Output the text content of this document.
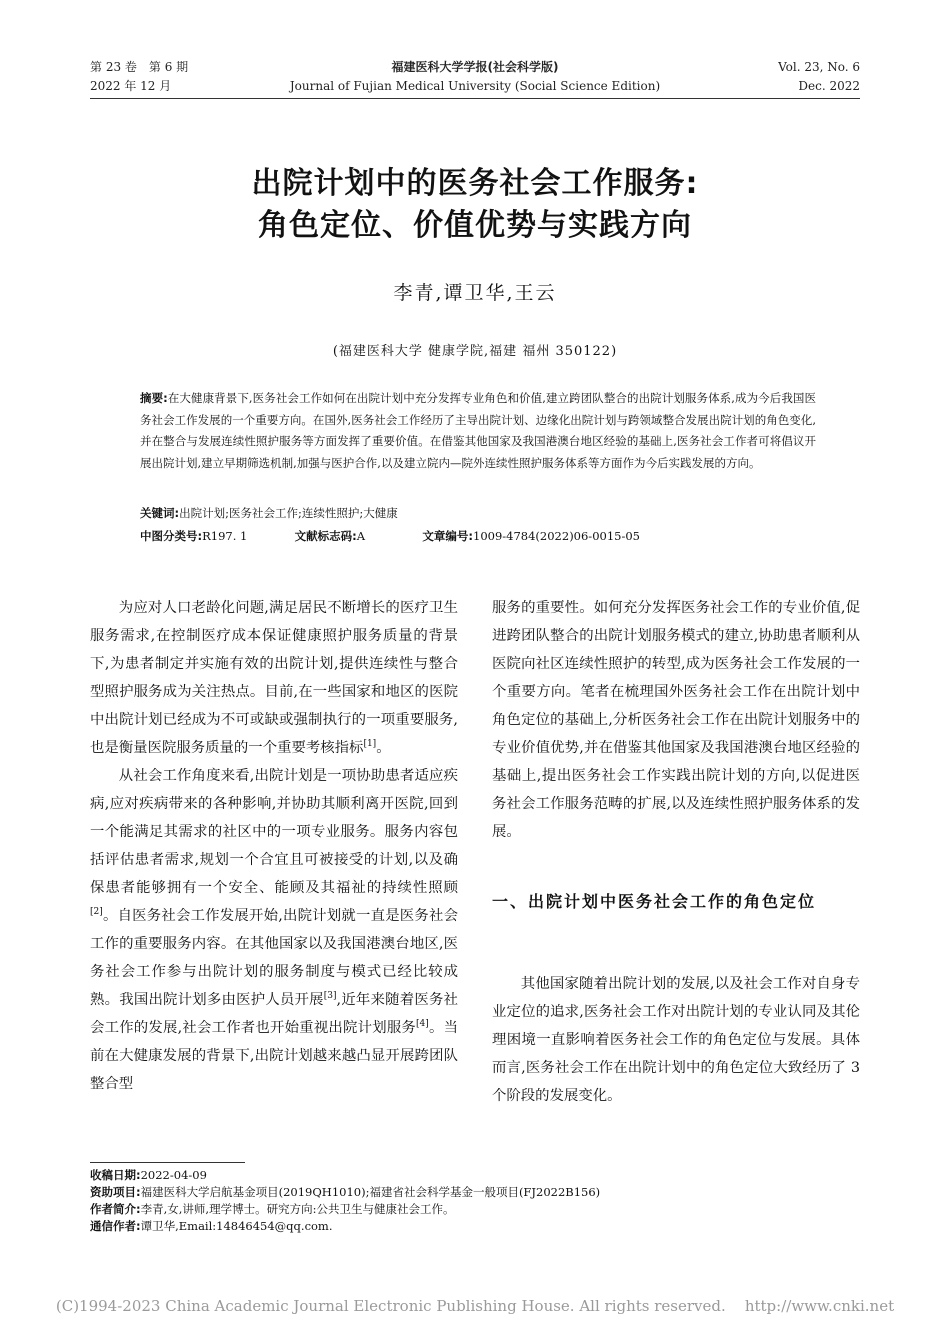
第 23 卷　第 6 期
2022 年 12 月
福建医科大学学报(社会科学版)
Journal of Fujian Medical University (Social Science Edition)
Vol. 23, No. 6
Dec. 2022
出院计划中的医务社会工作服务:
角色定位、价值优势与实践方向
李青,谭卫华,王云
(福建医科大学 健康学院,福建 福州 350122)
摘要:在大健康背景下,医务社会工作如何在出院计划中充分发挥专业角色和价值,建立跨团队整合的出院计划服务体系,成为今后我国医务社会工作发展的一个重要方向。在国外,医务社会工作经历了主导出院计划、边缘化出院计划与跨领域整合发展出院计划的角色变化,并在整合与发展连续性照护服务等方面发挥了重要价值。在借鉴其他国家及我国港澳台地区经验的基础上,医务社会工作者可将倡议开展出院计划,建立早期筛选机制,加强与医护合作,以及建立院内—院外连续性照护服务体系等方面作为今后实践发展的方向。
关键词:出院计划;医务社会工作;连续性照护;大健康
中图分类号:R197. 1	文献标志码:A	文章编号:1009-4784(2022)06-0015-05

为应对人口老龄化问题,满足居民不断增长的医疗卫生服务需求,在控制医疗成本保证健康照护服务质量的背景下,为患者制定并实施有效的出院计划,提供连续性与整合型照护服务成为关注热点。目前,在一些国家和地区的医院中出院计划已经成为不可或缺或强制执行的一项重要服务,也是衡量医院服务质量的一个重要考核指标[1]。

从社会工作角度来看,出院计划是一项协助患者适应疾病,应对疾病带来的各种影响,并协助其顺利离开医院,回到一个能满足其需求的社区中的一项专业服务。服务内容包括评估患者需求,规划一个合宜且可被接受的计划,以及确保患者能够拥有一个安全、能顾及其福祉的持续性照顾[2]。自医务社会工作发展开始,出院计划就一直是医务社会工作的重要服务内容。在其他国家以及我国港澳台地区,医务社会工作参与出院计划的服务制度与模式已经比较成熟。我国出院计划多由医护人员开展[3],近年来随着医务社会工作的发展,社会工作者也开始重视出院计划服务[4]。当前在大健康发展的背景下,出院计划越来越凸显开展跨团队整合型

服务的重要性。如何充分发挥医务社会工作的专业价值,促进跨团队整合的出院计划服务模式的建立,协助患者顺利从医院向社区连续性照护的转型,成为医务社会工作发展的一个重要方向。笔者在梳理国外医务社会工作在出院计划中角色定位的基础上,分析医务社会工作在出院计划服务中的专业价值优势,并在借鉴其他国家及我国港澳台地区经验的基础上,提出医务社会工作实践出院计划的方向,以促进医务社会工作服务范畴的扩展,以及连续性照护服务体系的发展。

一、出院计划中医务社会工作的角色定位

其他国家随着出院计划的发展,以及社会工作对自身专业定位的追求,医务社会工作对出院计划的专业认同及其伦理困境一直影响着医务社会工作的角色定位与发展。具体而言,医务社会工作在出院计划中的角色定位大致经历了 3 个阶段的发展变化。

收稿日期:2022-04-09
资助项目:福建医科大学启航基金项目(2019QH1010);福建省社会科学基金一般项目(FJ2022B156)
作者简介:李青,女,讲师,理学博士。研究方向:公共卫生与健康社会工作。
通信作者:谭卫华,Email:14846454@qq.com.
(C)1994-2023 China Academic Journal Electronic Publishing House. All rights reserved.    http://www.cnki.net
